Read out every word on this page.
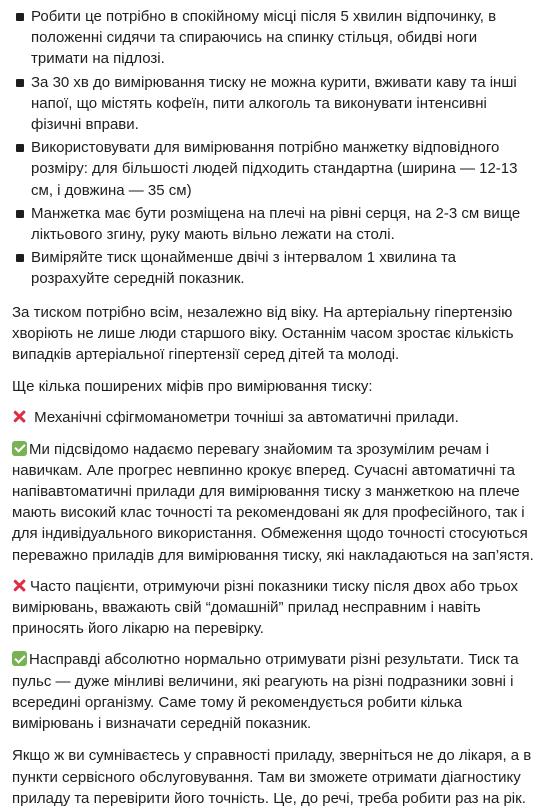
Робити це потрібно в спокійному місці після 5 хвилин відпочинку, в положенні сидячи та спираючись на спинку стільця, обидві ноги тримати на підлозі.
За 30 хв до вимірювання тиску не можна курити, вживати каву та інші напої, що містять кофеїн, пити алкоголь та виконувати інтенсивні фізичні вправи.
Використовувати для вимірювання потрібно манжетку відповідного розміру: для більшості людей підходить стандартна (ширина — 12-13 см, і довжина — 35 см)
Манжетка має бути розміщена на плечі на рівні серця, на 2-3 см вище ліктьового згину, руку мають вільно лежати на столі.
Виміряйте тиск щонайменше двічі з інтервалом 1 хвилина та розрахуйте середній показник.

За тиском потрібно всім, незалежно від віку. На артеріальну гіпертензію хворіють не лише люди старшого віку. Останнім часом зростає кількість випадків артеріальної гіпертензії серед дітей та молоді.

Ще кілька поширених міфів про вимірювання тиску:

Механічні сфігмоманометри точніші за автоматичні прилади.

Ми підсвідомо надаємо перевагу знайомим та зрозумілим речам і навичкам. Але прогрес невпинно крокує вперед. Сучасні автоматичні та напівавтоматичні прилади для вимірювання тиску з манжеткою на плече мають високий клас точності та рекомендовані як для професійного, так і для індивідуального використання. Обмеження щодо точності стосуються переважно приладів для вимірювання тиску, які накладаються на зап’ястя.

Часто пацієнти, отримуючи різні показники тиску після двох або трьох вимірювань, вважають свій “домашній” прилад несправним і навіть приносять його лікарю на перевірку.

Насправді абсолютно нормально отримувати різні результати. Тиск та пульс — дуже мінливі величини, які реагують на різні подразники зовні і всередині організму. Саме тому й рекомендується робити кілька вимірювань і визначати середній показник.

Якщо ж ви сумніваєтесь у справності приладу, зверніться не до лікаря, а в пункти сервісного обслуговування. Там ви зможете отримати діагностику приладу та перевірити його точність. Це, до речі, треба робити раз на рік.
